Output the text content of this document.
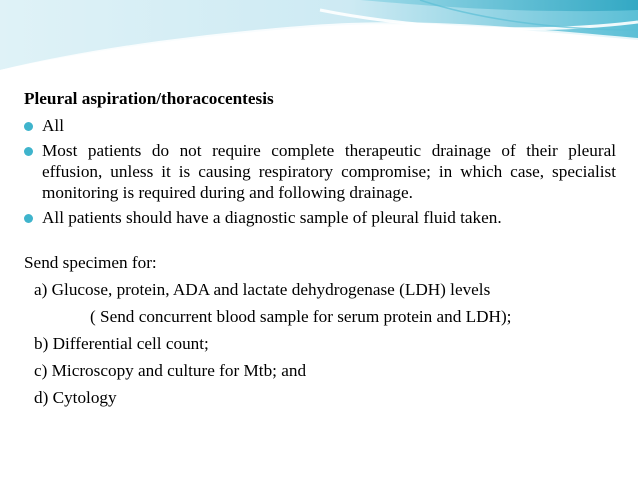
Pleural aspiration/thoracocentesis
All
Most patients do not require complete therapeutic drainage of their pleural effusion, unless it is causing respiratory compromise; in which case, specialist monitoring is required during and following drainage.
All patients should have a diagnostic sample of pleural fluid taken.
Send specimen for:
a) Glucose, protein, ADA and lactate dehydrogenase (LDH) levels
( Send concurrent blood sample for serum protein and LDH);
b) Differential cell count;
c) Microscopy and culture for Mtb; and
d) Cytology
